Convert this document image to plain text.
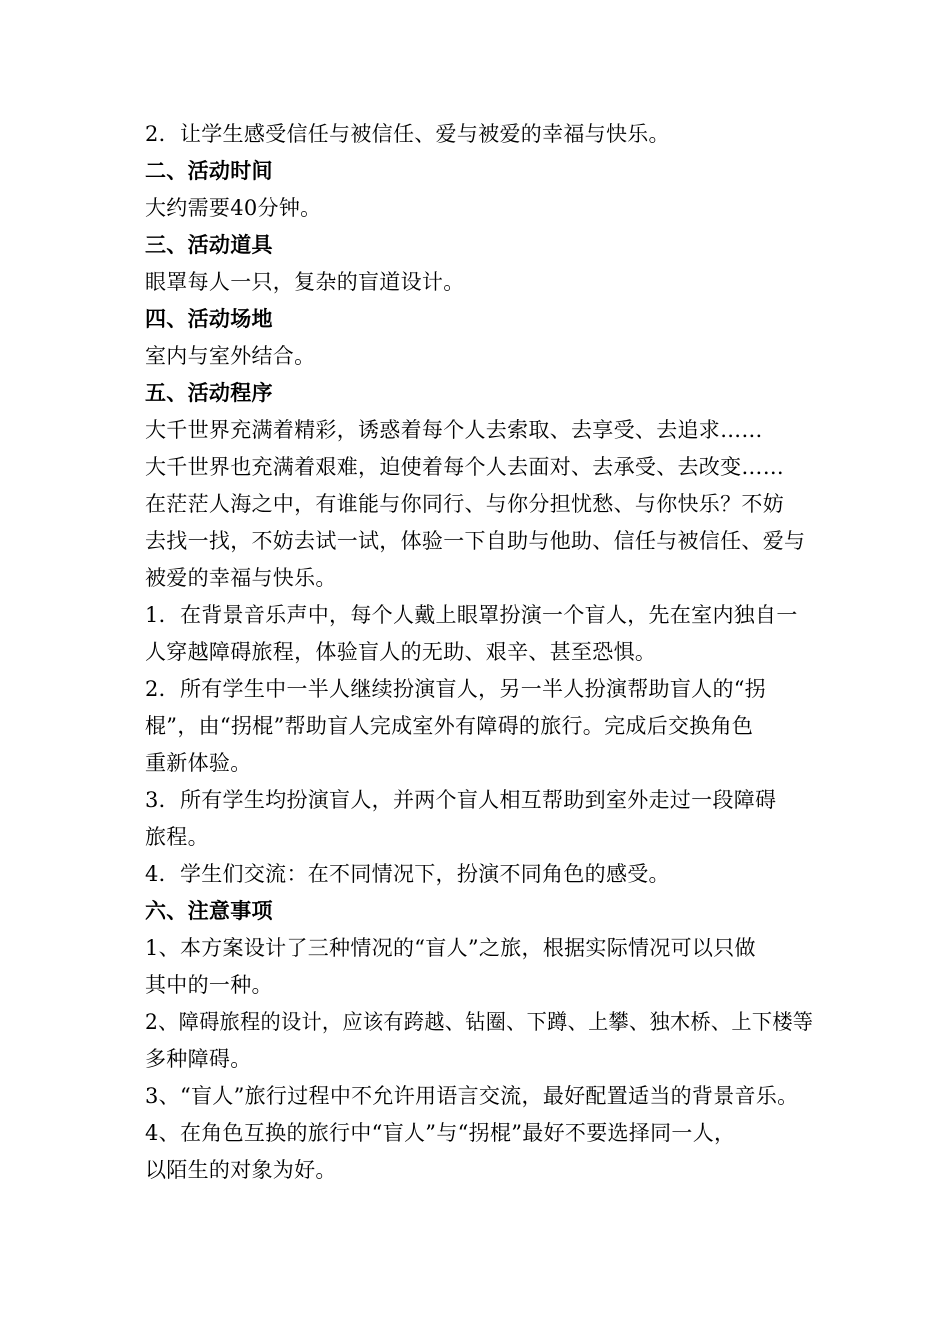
2．让学生感受信任与被信任、爱与被爱的幸福与快乐。
二、活动时间
大约需要40分钟。
三、活动道具
眼罩每人一只，复杂的盲道设计。
四、活动场地
室内与室外结合。
五、活动程序
大千世界充满着精彩，诱惑着每个人去索取、去享受、去追求……
大千世界也充满着艰难，迫使着每个人去面对、去承受、去改变……
在茫茫人海之中，有谁能与你同行、与你分担忧愁、与你快乐？不妨
去找一找，不妨去试一试，体验一下自助与他助、信任与被信任、爱与
被爱的幸福与快乐。
1．在背景音乐声中，每个人戴上眼罩扮演一个盲人，先在室内独自一
人穿越障碍旅程，体验盲人的无助、艰辛、甚至恐惧。
2．所有学生中一半人继续扮演盲人，另一半人扮演帮助盲人的“拐
棍”，由“拐棍”帮助盲人完成室外有障碍的旅行。完成后交换角色
重新体验。
3．所有学生均扮演盲人，并两个盲人相互帮助到室外走过一段障碍
旅程。
4．学生们交流：在不同情况下，扮演不同角色的感受。
六、注意事项
1、本方案设计了三种情况的“盲人”之旅，根据实际情况可以只做
其中的一种。
2、障碍旅程的设计，应该有跨越、钻圈、下蹲、上攀、独木桥、上下楼等
多种障碍。
3、“盲人”旅行过程中不允许用语言交流，最好配置适当的背景音乐。
4、在角色互换的旅行中“盲人”与“拐棍”最好不要选择同一人，
以陌生的对象为好。
